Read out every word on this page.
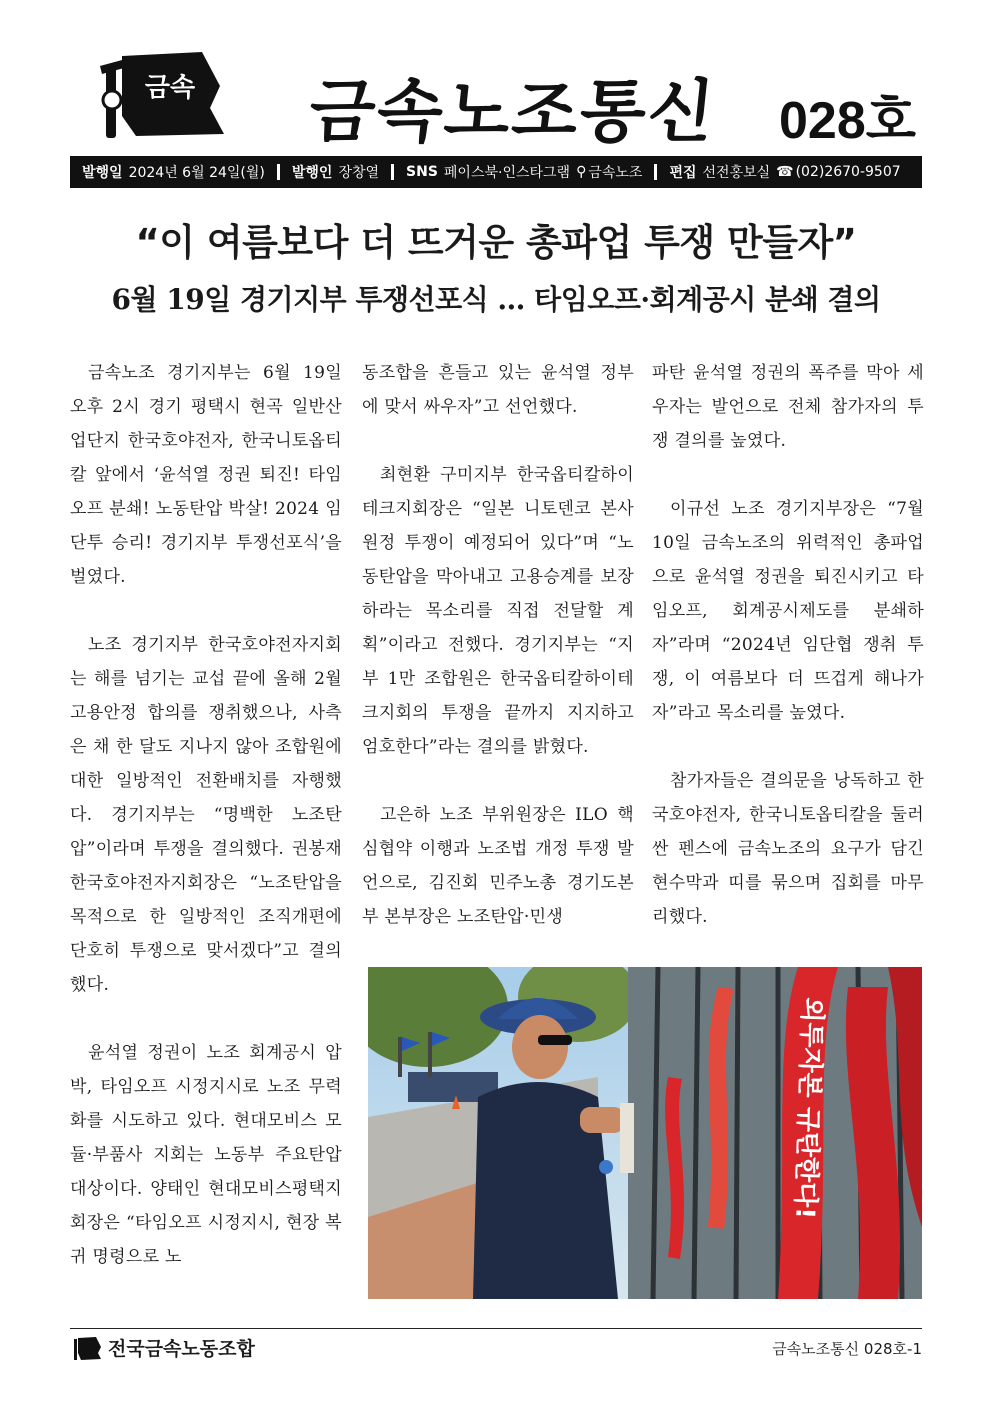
금속 금속노조통신 028호
발행일 2024년 6월 24일(월) 발행인 장창열 SNS 페이스북·인스타그램 ⚲ 금속노조 편집 선전홍보실 ☎ (02)2670-9507
“이 여름보다 더 뜨거운 총파업 투쟁 만들자”
6월 19일 경기지부 투쟁선포식 … 타임오프·회계공시 분쇄 결의

금속노조 경기지부는 6월 19일 오후 2시 경기 평택시 현곡 일반산업단지 한국호야전자, 한국니토옵티칼 앞에서 ‘윤석열 정권 퇴진! 타임오프 분쇄! 노동탄압 박살! 2024 임단투 승리! 경기지부 투쟁선포식’을 벌였다.

노조 경기지부 한국호야전자지회는 해를 넘기는 교섭 끝에 올해 2월 고용안정 합의를 쟁취했으나, 사측은 채 한 달도 지나지 않아 조합원에 대한 일방적인 전환배치를 자행했다. 경기지부는 “명백한 노조탄압”이라며 투쟁을 결의했다. 권봉재 한국호야전자지회장은 “노조탄압을 목적으로 한 일방적인 조직개편에 단호히 투쟁으로 맞서겠다”고 결의했다.

윤석열 정권이 노조 회계공시 압박, 타임오프 시정지시로 노조 무력화를 시도하고 있다. 현대모비스 모듈·부품사 지회는 노동부 주요탄압 대상이다. 양태인 현대모비스평택지회장은 “타임오프 시정지시, 현장 복귀 명령으로 노

동조합을 흔들고 있는 윤석열 정부에 맞서 싸우자”고 선언했다.

최현환 구미지부 한국옵티칼하이테크지회장은 “일본 니토덴코 본사 원정 투쟁이 예정되어 있다”며 “노동탄압을 막아내고 고용승계를 보장하라는 목소리를 직접 전달할 계획”이라고 전했다. 경기지부는 “지부 1만 조합원은 한국옵티칼하이테크지회의 투쟁을 끝까지 지지하고 엄호한다”라는 결의를 밝혔다.

고은하 노조 부위원장은 ILO 핵심협약 이행과 노조법 개정 투쟁 발언으로, 김진회 민주노총 경기도본부 본부장은 노조탄압·민생

파탄 윤석열 정권의 폭주를 막아 세우자는 발언으로 전체 참가자의 투쟁 결의를 높였다.

이규선 노조 경기지부장은 “7월 10일 금속노조의 위력적인 총파업으로 윤석열 정권을 퇴진시키고 타임오프, 회계공시제도를 분쇄하자”라며 “2024년 임단협 쟁취 투쟁, 이 여름보다 더 뜨겁게 해나가자”라고 목소리를 높였다.

참가자들은 결의문을 낭독하고 한국호야전자, 한국니토옵티칼을 둘러싼 펜스에 금속노조의 요구가 담긴 현수막과 띠를 묶으며 집회를 마무리했다.

외투자본 규탄한다!
전국금속노동조합	금속노조통신 028호-1
